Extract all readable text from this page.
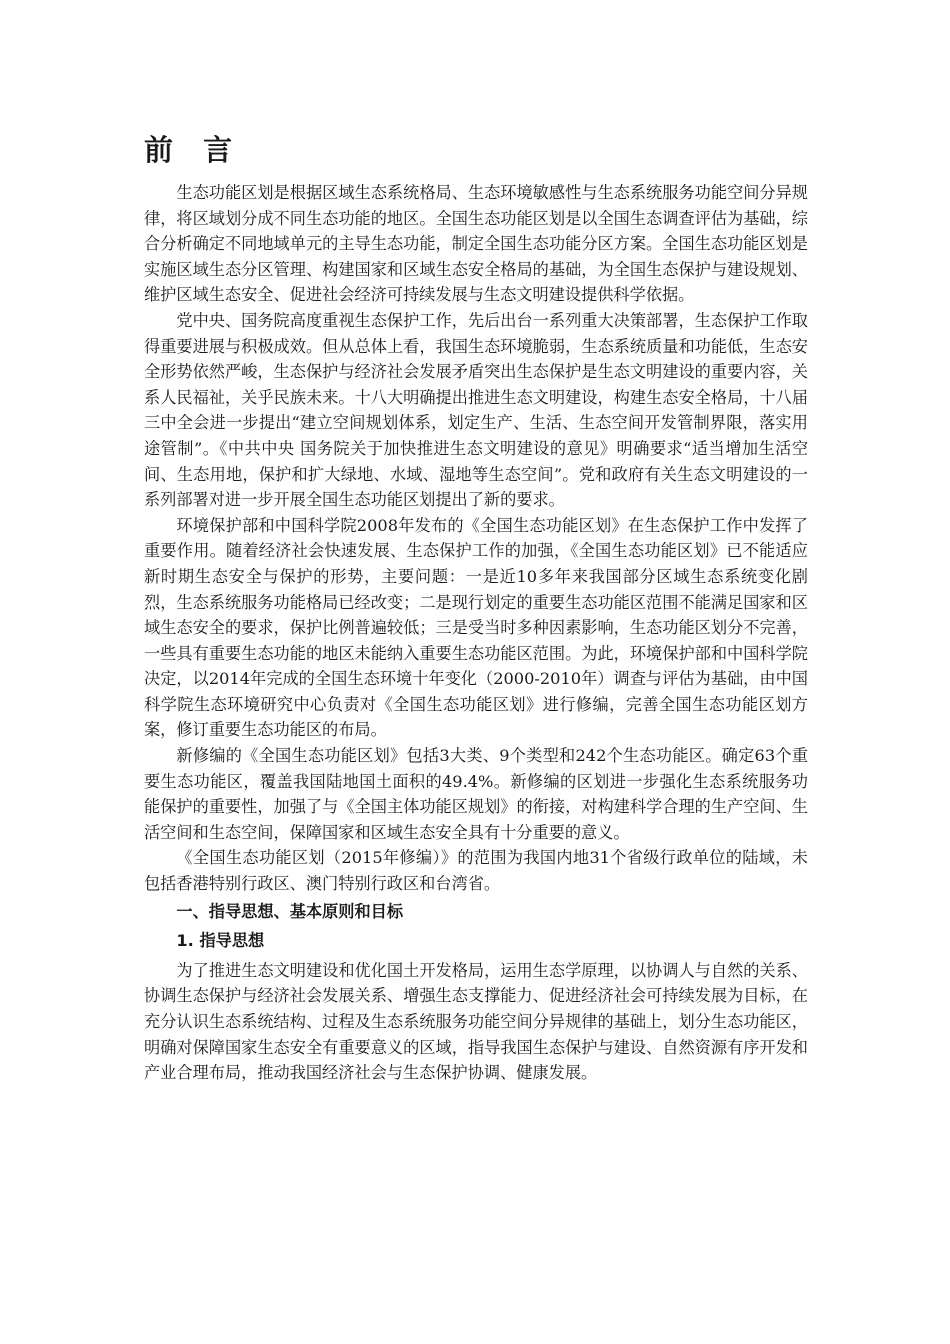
前 言

生态功能区划是根据区域生态系统格局、生态环境敏感性与生态系统服务功能空间分异规律，将区域划分成不同生态功能的地区。全国生态功能区划是以全国生态调查评估为基础，综合分析确定不同地域单元的主导生态功能，制定全国生态功能分区方案。全国生态功能区划是实施区域生态分区管理、构建国家和区域生态安全格局的基础，为全国生态保护与建设规划、维护区域生态安全、促进社会经济可持续发展与生态文明建设提供科学依据。

党中央、国务院高度重视生态保护工作，先后出台一系列重大决策部署，生态保护工作取得重要进展与积极成效。但从总体上看，我国生态环境脆弱，生态系统质量和功能低，生态安全形势依然严峻，生态保护与经济社会发展矛盾突出生态保护是生态文明建设的重要内容，关系人民福祉，关乎民族未来。十八大明确提出推进生态文明建设，构建生态安全格局，十八届三中全会进一步提出“建立空间规划体系，划定生产、生活、生态空间开发管制界限，落实用途管制”。《中共中央 国务院关于加快推进生态文明建设的意见》明确要求“适当增加生活空间、生态用地，保护和扩大绿地、水域、湿地等生态空间”。党和政府有关生态文明建设的一系列部署对进一步开展全国生态功能区划提出了新的要求。

环境保护部和中国科学院2008年发布的《全国生态功能区划》在生态保护工作中发挥了重要作用。随着经济社会快速发展、生态保护工作的加强，《全国生态功能区划》已不能适应新时期生态安全与保护的形势，主要问题：一是近10多年来我国部分区域生态系统变化剧烈，生态系统服务功能格局已经改变；二是现行划定的重要生态功能区范围不能满足国家和区域生态安全的要求，保护比例普遍较低；三是受当时多种因素影响，生态功能区划分不完善，一些具有重要生态功能的地区未能纳入重要生态功能区范围。为此，环境保护部和中国科学院决定，以2014年完成的全国生态环境十年变化（2000-2010年）调查与评估为基础，由中国科学院生态环境研究中心负责对《全国生态功能区划》进行修编，完善全国生态功能区划方案，修订重要生态功能区的布局。

新修编的《全国生态功能区划》包括3大类、9个类型和242个生态功能区。确定63个重要生态功能区，覆盖我国陆地国土面积的49.4%。新修编的区划进一步强化生态系统服务功能保护的重要性，加强了与《全国主体功能区规划》的衔接，对构建科学合理的生产空间、生活空间和生态空间，保障国家和区域生态安全具有十分重要的意义。

《全国生态功能区划（2015年修编）》的范围为我国内地31个省级行政单位的陆域，未包括香港特别行政区、澳门特别行政区和台湾省。

一、指导思想、基本原则和目标
1. 指导思想

为了推进生态文明建设和优化国土开发格局，运用生态学原理，以协调人与自然的关系、协调生态保护与经济社会发展关系、增强生态支撑能力、促进经济社会可持续发展为目标，在充分认识生态系统结构、过程及生态系统服务功能空间分异规律的基础上，划分生态功能区，明确对保障国家生态安全有重要意义的区域，指导我国生态保护与建设、自然资源有序开发和产业合理布局，推动我国经济社会与生态保护协调、健康发展。
